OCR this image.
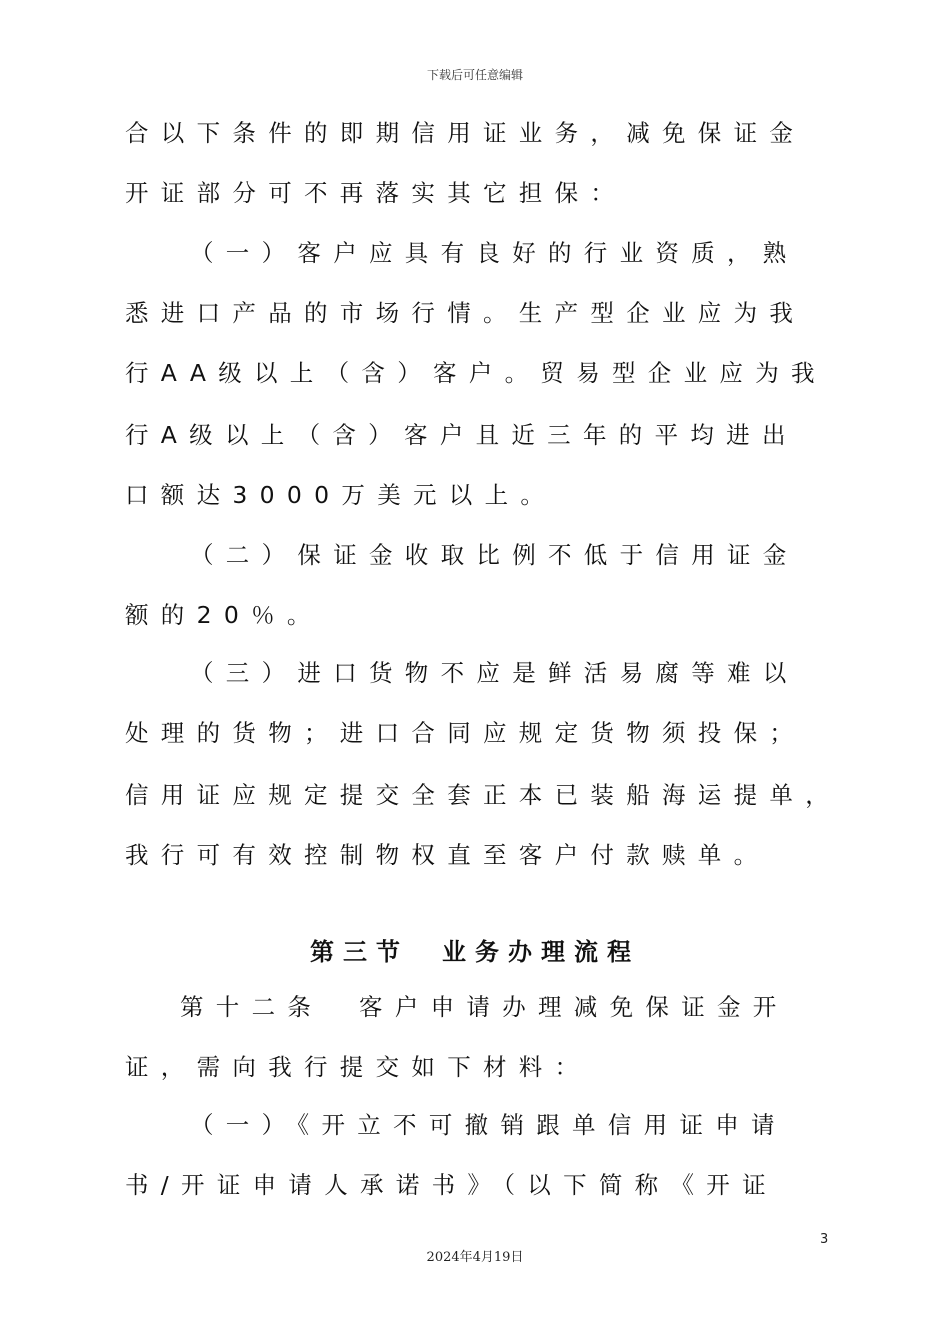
下载后可任意编辑
合以下条件的即期信用证业务，减免保证金
开证部分可不再落实其它担保：
（一）客户应具有良好的行业资质，熟
悉进口产品的市场行情。生产型企业应为我
行AA级以上（含）客户。贸易型企业应为我
行A级以上（含）客户且近三年的平均进出
口额达3000万美元以上。
（二）保证金收取比例不低于信用证金
额的20％。
（三）进口货物不应是鲜活易腐等难以
处理的货物；进口合同应规定货物须投保；
信用证应规定提交全套正本已装船海运提单，
我行可有效控制物权直至客户付款赎单。
第三节　业务办理流程
第十二条　客户申请办理减免保证金开
证，需向我行提交如下材料：
（一）《开立不可撤销跟单信用证申请
书/开证申请人承诺书》（以下简称《开证
3
2024年4月19日
